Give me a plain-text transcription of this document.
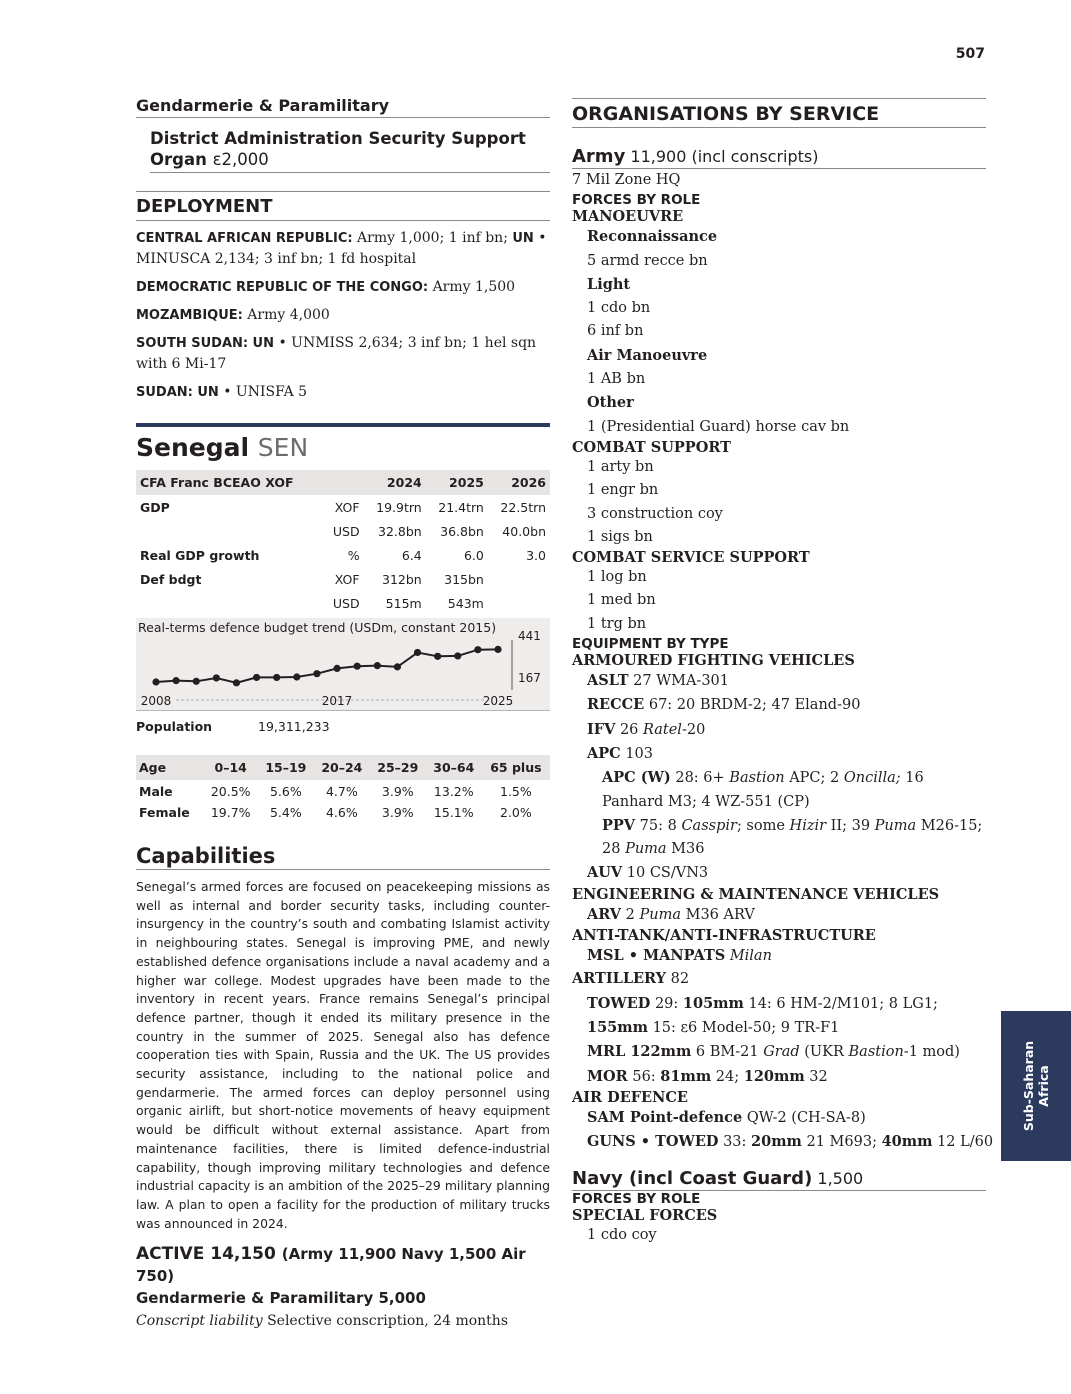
507
Gendarmerie & Paramilitary
District Administration Security Support Organ ε2,000
DEPLOYMENT

CENTRAL AFRICAN REPUBLIC: Army 1,000; 1 inf bn; UN • MINUSCA 2,134; 3 inf bn; 1 fd hospital

DEMOCRATIC REPUBLIC OF THE CONGO: Army 1,500

MOZAMBIQUE: Army 4,000

SOUTH SUDAN: UN • UNMISS 2,634; 3 inf bn; 1 hel sqn with 6 Mi-17

SUDAN: UN • UNISFA 5

Senegal SEN
CFA Franc BCEAO XOF		2024	2025	2026
GDP	XOF	19.9trn	21.4trn	22.5trn
	USD	32.8bn	36.8bn	40.0bn
Real GDP growth	%	6.4	6.0	3.0
Def bdgt	XOF	312bn	315bn	
	USD	515m	543m	
Real-terms defence budget trend (USDm, constant 2015)
441
167
2008	2017	2025
Population	19,311,233
Age	0–14	15–19	20–24	25–29	30–64	65 plus
Male	20.5%	5.6%	4.7%	3.9%	13.2%	1.5%
Female	19.7%	5.4%	4.6%	3.9%	15.1%	2.0%
Capabilities
Senegal’s armed forces are focused on peacekeeping missions as well as internal and border security tasks, including counter-insurgency in the country’s south and combating Islamist activity in neighbouring states. Senegal is improving PME, and newly established defence organisations include a naval academy and a higher war college. Modest upgrades have been made to the inventory in recent years. France remains Senegal’s principal defence partner, though it ended its military presence in the country in the summer of 2025. Senegal also has defence cooperation ties with Spain, Russia and the UK. The US provides security assistance, including to the national police and gendarmerie. The armed forces can deploy personnel using organic airlift, but short-notice movements of heavy equipment would be difficult without external assistance. Apart from maintenance facilities, there is limited defence-industrial capability, though improving military technologies and defence industrial capacity is an ambition of the 2025–29 military planning law. A plan to open a facility for the production of military trucks was announced in 2024.
ACTIVE 14,150 (Army 11,900 Navy 1,500 Air 750)
Gendarmerie & Paramilitary 5,000
Conscript liability Selective conscription, 24 months
ORGANISATIONS BY SERVICE
Army 11,900 (incl conscripts)
7 Mil Zone HQ
FORCES BY ROLE
MANOEUVRE
Reconnaissance
5 armd recce bn
Light
1 cdo bn
6 inf bn
Air Manoeuvre
1 AB bn
Other
1 (Presidential Guard) horse cav bn
COMBAT SUPPORT
1 arty bn
1 engr bn
3 construction coy
1 sigs bn
COMBAT SERVICE SUPPORT
1 log bn
1 med bn
1 trg bn
EQUIPMENT BY TYPE
ARMOURED FIGHTING VEHICLES
ASLT 27 WMA-301
RECCE 67: 20 BRDM-2; 47 Eland-90
IFV 26 Ratel-20
APC 103
APC (W) 28: 6+ Bastion APC; 2 Oncilla; 16 Panhard M3; 4 WZ-551 (CP)
PPV 75: 8 Casspir; some Hizir II; 39 Puma M26-15; 28 Puma M36
AUV 10 CS/VN3
ENGINEERING & MAINTENANCE VEHICLES
ARV 2 Puma M36 ARV
ANTI-TANK/ANTI-INFRASTRUCTURE
MSL • MANPATS Milan
ARTILLERY 82
TOWED 29: 105mm 14: 6 HM-2/M101; 8 LG1; 155mm 15: ε6 Model-50; 9 TR-F1
MRL 122mm 6 BM-21 Grad (UKR Bastion-1 mod)
MOR 56: 81mm 24; 120mm 32
AIR DEFENCE
SAM Point-defence QW-2 (CH-SA-8)
GUNS • TOWED 33: 20mm 21 M693; 40mm 12 L/60
Navy (incl Coast Guard) 1,500
FORCES BY ROLE
SPECIAL FORCES
1 cdo coy
Sub-Saharan Africa
